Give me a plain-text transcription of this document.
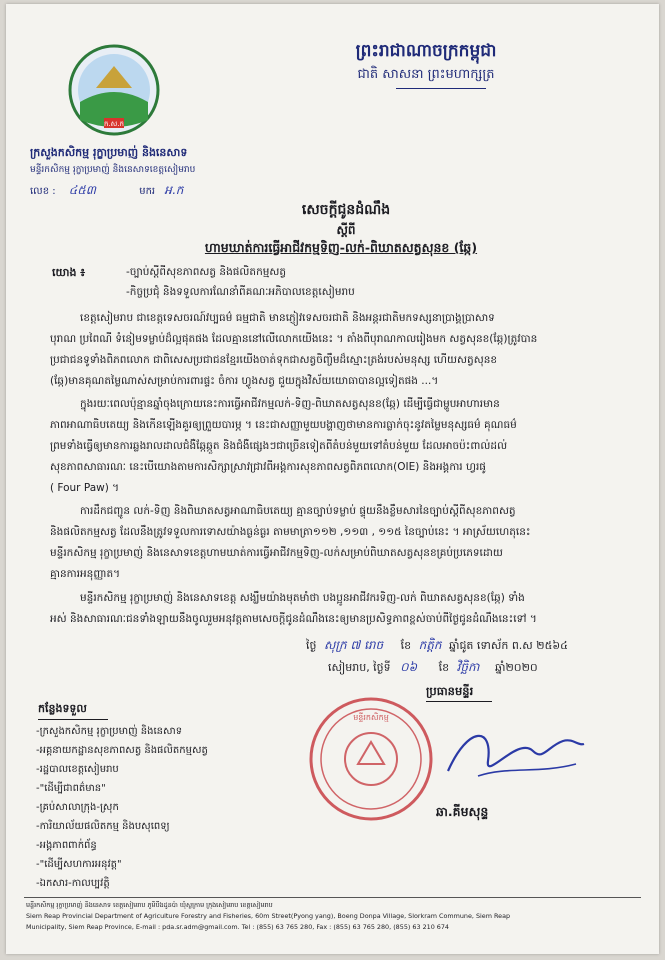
ក.ស.ក
ព្រះរាជាណាចក្រកម្ពុជា
ជាតិ សាសនា ព្រះមហាក្សត្រ
ក្រសួងកសិកម្ម រុក្ខាប្រមាញ់ និងនេសាទ
មន្ទីរកសិកម្ម រុក្ខាប្រមាញ់ និងនេសាទខេត្តសៀមរាប
លេខ : ៤៥៣	មករ អ.ក
សេចក្តីជូនដំណឹង
ស្តីពី
ហាមឃាត់ការធ្វើអាជីវកម្មទិញ-លក់-ពិឃាតសត្វសុនខ (ឆ្កែ)
យោង ៖	-ច្បាប់ស្តីពីសុខភាពសត្វ និងផលិតកម្មសត្វ
-កិច្ចប្រជុំ និងទទួលការណែនាំពីគណៈអភិបាលខេត្តសៀមរាប
ខេត្តសៀមរាប ជាខេត្តទេសចរណ៍វប្បធម៌ ធម្មជាតិ មានភ្ញៀវទេសចរជាតិ និងអន្តរជាតិមកទស្សនាប្រាង្គប្រាសាទ
បុរាណ ប្រពៃណី ទំនៀមទម្លាប់ដ៏ល្អផុតផង ដែលគ្មាននៅលើលោកយើងនេះ ។ តាំងពីបុរាណកាលរៀងមក សត្វសុនខ(ឆ្កែ)ត្រូវបាន
ប្រជាជនទូទាំងពិភពលោក ជាពិសេសប្រជាជនខ្មែរយើងចាត់ទុកជាសត្វចិញ្ចឹមដ៏ស្មោះត្រង់របស់មនុស្ស ហើយសត្វសុនខ
(ឆ្កែ)មានគុណតម្លៃណាស់សម្រាប់ការពារផ្ទះ ចំការ ហ្វូងសត្វ ជួយក្នុងវិស័យយោធាបានល្អទៀតផង ...។
ក្នុងរយៈពេលប៉ុន្មានឆ្នាំចុងក្រោយនេះការធ្វើអាជីវកម្មលក់-ទិញ-ពិឃាតសត្វសុនខ(ឆ្កែ) ដើម្បីធ្វើជាម្ហូបអាហារមាន
ភាពអាណាធិបតេយ្យ និងកើនឡើងគួរឲ្យព្រួយបារម្ភ ។ នេះជាសញ្ញាមួយបង្ហាញថាមានការធ្លាក់ចុះនូវតម្លៃមនុស្សធម៌ គុណធម៌
ព្រមទាំងធ្វើឲ្យមានការឆ្លងរាលដាលជំងឺឆ្កែឆ្កួត និងជំងឺផ្សេងៗជាច្រើនទៀតពីតំបន់មួយទៅតំបន់មួយ ដែលអាចប៉ះពាល់ដល់
សុខភាពសាធារណៈ នេះបើយោងតាមការសិក្សាស្រាវជ្រាវពីអង្គការសុខភាពសត្វពិភពលោក(OIE) និងអង្គការ ហ្វរផូ
( Four Paw) ។
ការដឹកជញ្ជូន លក់-ទិញ និងពិឃាតសត្វអាណាធិបតេយ្យ គ្មានច្បាប់ទម្លាប់ ផ្ទុយនឹងខ្លឹមសារនៃច្បាប់ស្តីពីសុខភាពសត្វ
និងផលិតកម្មសត្វ ដែលនឹងត្រូវទទួលការទោសយ៉ាងធ្ងន់ធ្ងរ តាមមាត្រា១១២ ,១១៣ , ១១៥ នៃច្បាប់នេះ ។ អាស្រ័យហេតុនេះ
មន្ទីរកសិកម្ម រុក្ខាប្រមាញ់ និងនេសាទខេត្តហាមឃាត់ការធ្វើអាជីវកម្មទិញ-លក់សម្រាប់ពិឃាតសត្វសុនខគ្រប់ប្រភេទដោយ
គ្មានការអនុញ្ញាត។
មន្ទីរកសិកម្ម រុក្ខាប្រមាញ់ និងនេសាទខេត្ត សង្ឃឹមយ៉ាងមុតមាំថា បងប្អូនអាជីវករទិញ-លក់ ពិឃាតសត្វសុនខ(ឆ្កែ) ទាំង
អស់ និងសាធារណៈជនទាំងឡាយនឹងចូលរួមអនុវត្តតាមសេចក្តីជូនដំណឹងនេះឲ្យមានប្រសិទ្ធភាពខ្ពស់ចាប់ពីថ្ងៃជូនដំណឹងនេះទៅ ។
ថ្ងៃ សុក្រ ៧ រោច ខែ កត្តិក ឆ្នាំជូត ទោស័ក ព.ស ២៥៦៤
សៀមរាប, ថ្ងៃទី ០៦ ខែ វិច្ឆិកា ឆ្នាំ២០២០
ប្រធានមន្ទីរ
មន្ទីរកសិកម្ម
ឆា.គីមសុន្ទ
កន្លែងទទួល
-ក្រសួងកសិកម្ម រុក្ខាប្រមាញ់ និងនេសាទ
-អគ្គនាយកដ្ឋានសុខភាពសត្វ និងផលិតកម្មសត្វ
-រដ្ឋបាលខេត្តសៀមរាប
-"ដើម្បីជាពត៌មាន"
-គ្រប់សាលាក្រុង-ស្រុក
-ការិយាល័យផលិតកម្ម និងបសុពេទ្យ
-អង្គភាពពាក់ព័ន្ធ
-"ដើម្បីសហការអនុវត្ត"
-ឯកសារ-កាលប្បវត្តិ
មន្ទីរកសិកម្ម រុក្ខាប្រមាញ់ និងនេសាទ ខេត្តសៀមរាប ភូមិបឹងដូនប៉ា ឃុំស្លក្រាម ក្រុងសៀមរាប ខេត្តសៀមរាប
Siem Reap Provincial Department of Agriculture Forestry and Fisheries, 60m Street(Pyong yang), Boeng Donpa Village, Slorkram Commune, Siem Reap
Municipality, Siem Reap Province, E-mail : pda.sr.adm@gmail.com. Tel : (855) 63 765 280, Fax : (855) 63 765 280, (855) 63 210 674
